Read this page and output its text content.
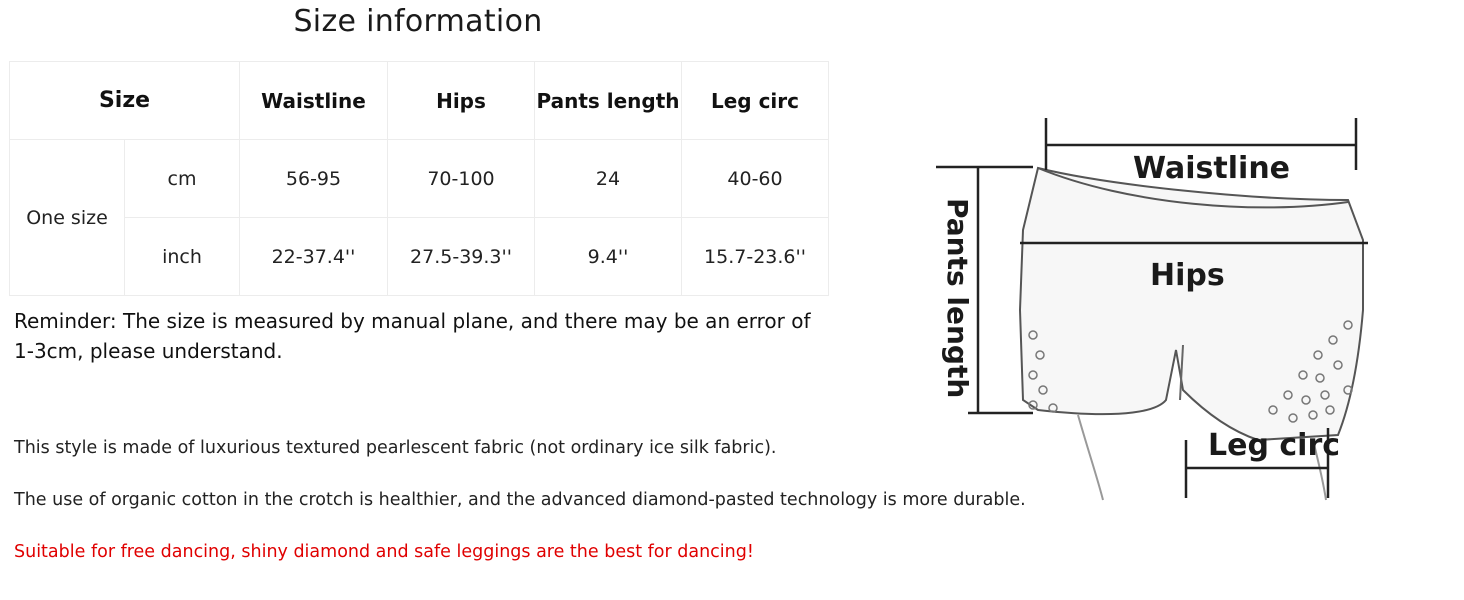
Size information
Size		Waistline	Hips	Pants length	Leg circ
One size	cm	56-95	70-100	24	40-60
	inch	22-37.4''	27.5-39.3''	9.4''	15.7-23.6''
Reminder: The size is measured by manual plane, and there may be an error of 1-3cm, please understand.
This style is made of luxurious textured pearlescent fabric (not ordinary ice silk fabric).
The use of organic cotton in the crotch is healthier, and the advanced diamond-pasted technology is more durable.
Suitable for free dancing, shiny diamond and safe leggings are the best for dancing!
Waistline
Hips
Pants length
Leg circ
